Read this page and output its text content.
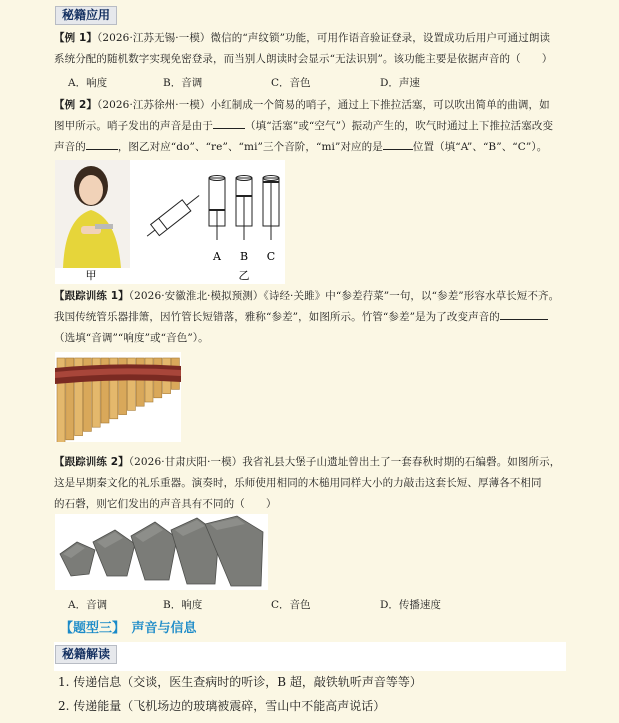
秘籍应用
【例 1】（2026·江苏无锡·一模）微信的“声纹锁”功能，可用作语音验证登录，设置成功后用户可通过朗读
系统分配的随机数字实现免密登录，而当别人朗读时会显示“无法识别”。该功能主要是依据声音的（　　）
A．响度	B．音调	C．音色	D．声速
【例 2】（2026·江苏徐州·一模）小红制成一个简易的哨子，通过上下推拉活塞，可以吹出简单的曲调，如
图甲所示。哨子发出的声音是由于	（填“活塞”或“空气”）振动产生的，吹气时通过上下推拉活塞改变
声音的	，图乙对应“do”、“re”、“mi”三个音阶，“mi”对应的是	位置（填“A”、“B”、“C”）。
甲
A B C
乙
【跟踪训练 1】（2026·安徽淮北·模拟预测）《诗经·关雎》中“参差荇菜”一句，以“参差”形容水草长短不齐。
我国传统管乐器排箫，因竹管长短错落，雅称“参差”，如图所示。竹管“参差”是为了改变声音的
（选填“音调”“响度”或“音色”）。
【跟踪训练 2】（2026·甘肃庆阳·一模）我省礼县大堡子山遗址曾出土了一套春秋时期的石编磬。如图所示，
这是早期秦文化的礼乐重器。演奏时，乐师使用相同的木槌用同样大小的力敲击这套长短、厚薄各不相同
的石磬，则它们发出的声音具有不同的（　　）
A．音调	B．响度	C．音色	D．传播速度
【题型三】　声音与信息
秘籍解读
1. 传递信息（交谈，医生查病时的听诊，B 超，敲铁轨听声音等等）
2. 传递能量（飞机场边的玻璃被震碎，雪山中不能高声说话）
